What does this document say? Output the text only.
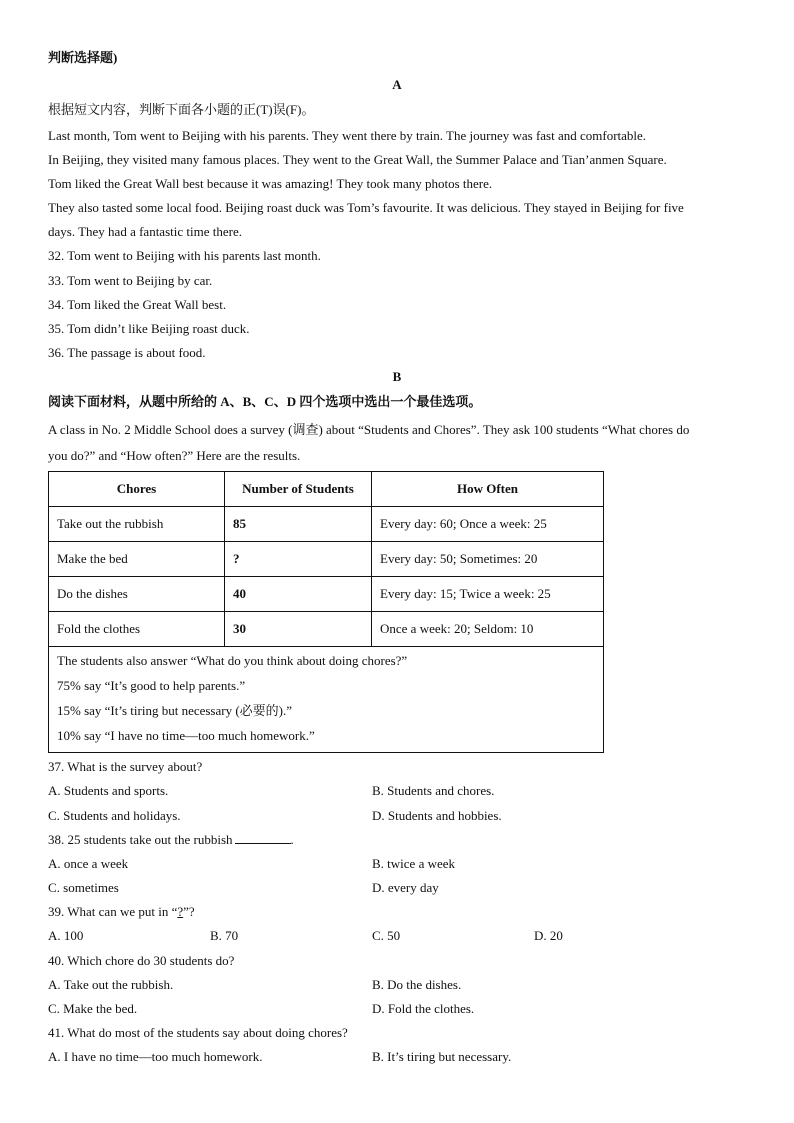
判断选择题)
A
根据短文内容，判断下面各小题的正(T)误(F)。
Last month, Tom went to Beijing with his parents. They went there by train. The journey was fast and comfortable.
In Beijing, they visited many famous places. They went to the Great Wall, the Summer Palace and Tian’anmen Square.
Tom liked the Great Wall best because it was amazing! They took many photos there.
They also tasted some local food. Beijing roast duck was Tom’s favourite. It was delicious. They stayed in Beijing for five
days. They had a fantastic time there.
32. Tom went to Beijing with his parents last month.
33. Tom went to Beijing by car.
34. Tom liked the Great Wall best.
35. Tom didn’t like Beijing roast duck.
36. The passage is about food.
B
阅读下面材料，从题中所给的 A、B、C、D 四个选项中选出一个最佳选项。
A class in No. 2 Middle School does a survey (调查) about “Students and Chores”. They ask 100 students “What chores do
you do?” and “How often?” Here are the results.
Chores	Number of Students	How Often
Take out the rubbish	85	Every day: 60; Once a week: 25
Make the bed	?	Every day: 50; Sometimes: 20
Do the dishes	40	Every day: 15; Twice a week: 25
Fold the clothes	30	Once a week: 20; Seldom: 10

The students also answer “What do you think about doing chores?”
75% say “It’s good to help parents.”
15% say “It’s tiring but necessary (必要的).”
10% say “I have no time—too much homework.”		
37. What is the survey about?
A. Students and sports.	B. Students and chores.
C. Students and holidays.	D. Students and hobbies.
38. 25 students take out the rubbish	.
A. once a week	B. twice a week
C. sometimes	D. every day
39. What can we put in “?”?
A. 100	B. 70	C. 50	D. 20
40. Which chore do 30 students do?
A. Take out the rubbish.	B. Do the dishes.
C. Make the bed.	D. Fold the clothes.
41. What do most of the students say about doing chores?
A. I have no time—too much homework.	B. It’s tiring but necessary.
